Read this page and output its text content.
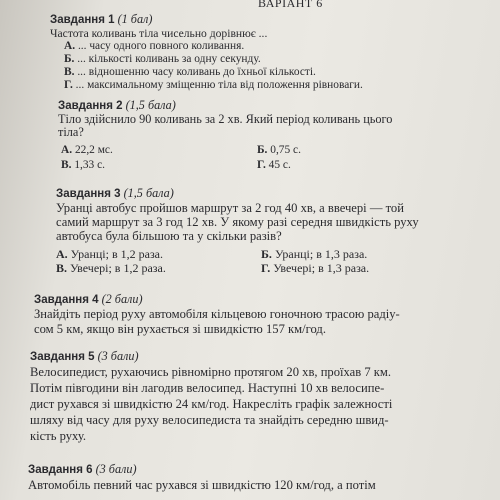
ВАРІАНТ 6
Завдання 1 (1 бал)
Частота коливань тіла чисельно дорівнює ...
А. ... часу одного повного коливання.
Б. ... кількості коливань за одну секунду.
В. ... відношенню часу коливань до їхньої кількості.
Г. ... максимальному зміщенню тіла від положення рівноваги.
Завдання 2 (1,5 бала)
Тіло здійснило 90 коливань за 2 хв. Який період коливань цього
тіла?
А. 22,2 мс.	Б. 0,75 с.
В. 1,33 с.	Г. 45 с.
Завдання 3 (1,5 бала)
Уранці автобус пройшов маршрут за 2 год 40 хв, а ввечері — той
самий маршрут за 3 год 12 хв. У якому разі середня швидкість руху
автобуса була більшою та у скільки разів?
А. Уранці; в 1,2 раза.	Б. Уранці; в 1,3 раза.
В. Увечері; в 1,2 раза.	Г. Увечері; в 1,3 раза.
Завдання 4 (2 бали)
Знайдіть період руху автомобіля кільцевою гоночною трасою радіу-
сом 5 км, якщо він рухається зі швидкістю 157 км/год.
Завдання 5 (3 бали)
Велосипедист, рухаючись рівномірно протягом 20 хв, проїхав 7 км.
Потім півгодини він лагодив велосипед. Наступні 10 хв велосипе-
дист рухався зі швидкістю 24 км/год. Накресліть графік залежності
шляху від часу для руху велосипедиста та знайдіть середню швид-
кість руху.
Завдання 6 (3 бали)
Автомобіль певний час рухався зі швидкістю 120 км/год, а потім
